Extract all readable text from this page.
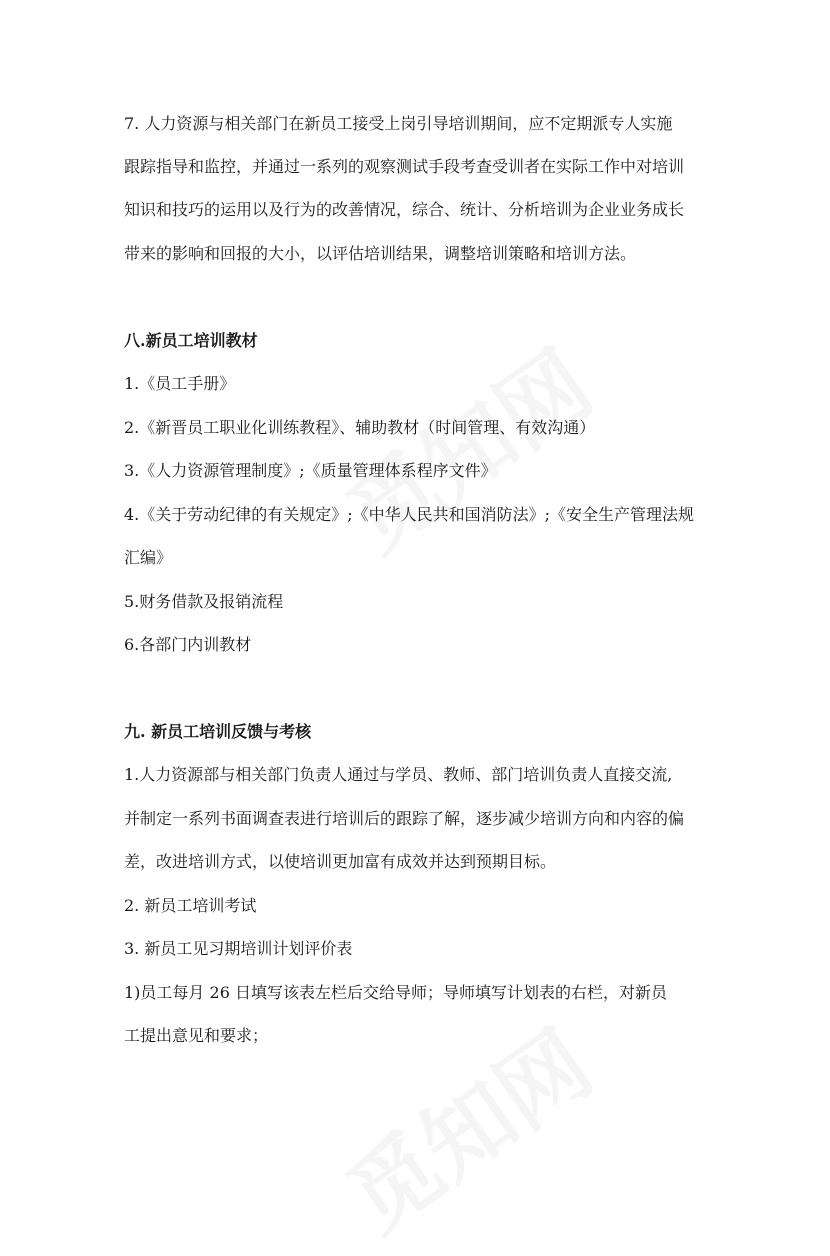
7. 人力资源与相关部门在新员工接受上岗引导培训期间，应不定期派专人实施
跟踪指导和监控，并通过一系列的观察测试手段考查受训者在实际工作中对培训
知识和技巧的运用以及行为的改善情况，综合、统计、分析培训为企业业务成长
带来的影响和回报的大小，以评估培训结果，调整培训策略和培训方法。
八.新员工培训教材
1.《员工手册》
2.《新晋员工职业化训练教程》、辅助教材（时间管理、有效沟通）
3.《人力资源管理制度》;《质量管理体系程序文件》
4.《关于劳动纪律的有关规定》;《中华人民共和国消防法》;《安全生产管理法规
汇编》
5.财务借款及报销流程
6.各部门内训教材
九. 新员工培训反馈与考核
1.人力资源部与相关部门负责人通过与学员、教师、部门培训负责人直接交流,
并制定一系列书面调查表进行培训后的跟踪了解，逐步减少培训方向和内容的偏
差，改进培训方式，以使培训更加富有成效并达到预期目标。
2. 新员工培训考试
3. 新员工见习期培训计划评价表
1)员工每月 26 日填写该表左栏后交给导师；导师填写计划表的右栏，对新员
工提出意见和要求；
